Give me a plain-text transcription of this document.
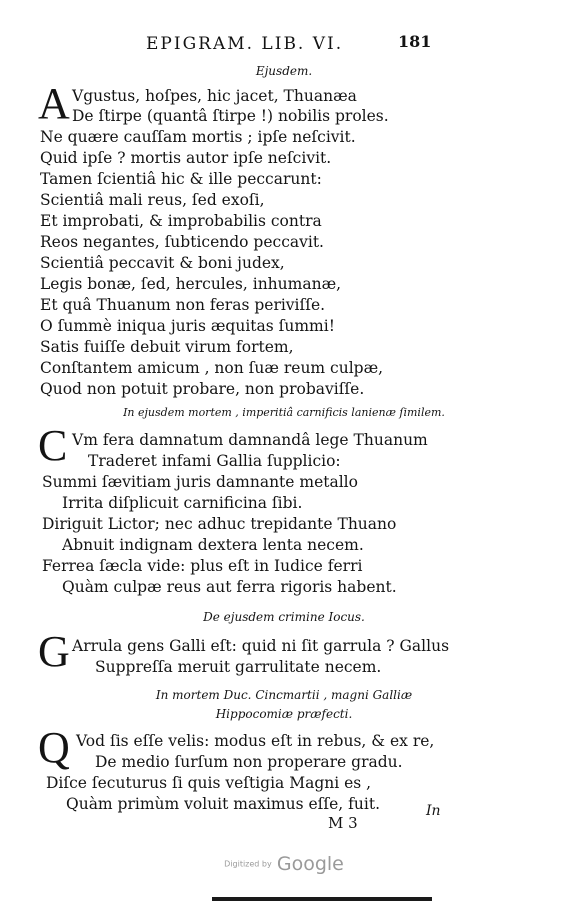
EPIGRAM. LIB. VI.	181
Ejusdem.
A Vgustus, hoſpes, hic jacet, Thuanæa
De ſtirpe (quantâ ſtirpe !) nobilis proles.
Ne quære cauſſam mortis ; ipſe neſcivit.
Quid ipſe ? mortis autor ipſe neſcivit.
Tamen ſcientiâ hic & ille peccarunt:
Scientiâ mali reus, ſed exoſi,
Et improbati, & improbabilis contra
Reos negantes, ſubticendo peccavit.
Scientiâ peccavit & boni judex,
Legis bonæ, ſed, hercules, inhumanæ,
Et quâ Thuanum non feras periviſſe.
O ſummè iniqua juris æquitas ſummi!
Satis fuiſſe debuit virum fortem,
Conſtantem amicum , non ſuæ reum culpæ,
Quod non potuit probare, non probaviſſe.
In ejusdem mortem , imperitiâ carnificis lanienæ ſimilem.
C Vm fera damnatum damnandâ lege Thuanum
Traderet infami Gallia ſupplicio:
Summi ſævitiam juris damnante metallo
Irrita diſplicuit carnificina ſibi.
Diriguit Lictor; nec adhuc trepidante Thuano
Abnuit indignam dextera lenta necem.
Ferrea ſæcla vide: plus eſt in Iudice ferri
Quàm culpæ reus aut ferra rigoris habent.
De ejusdem crimine Iocus.
G Arrula gens Galli eſt: quid ni ſit garrula ? Gallus
Suppreſſa meruit garrulitate necem.
In mortem Duc. Cincmartii , magni Galliæ
Hippocomiæ præfecti.
Q Vod ſis eſſe velis: modus eſt in rebus, & ex re,
De medio ſurſum non properare gradu.
Diſce ſecuturus ſi quis veſtigia Magni es ,
Quàm primùm voluit maximus eſſe, fuit.
M 3
In
Digitized by Google
